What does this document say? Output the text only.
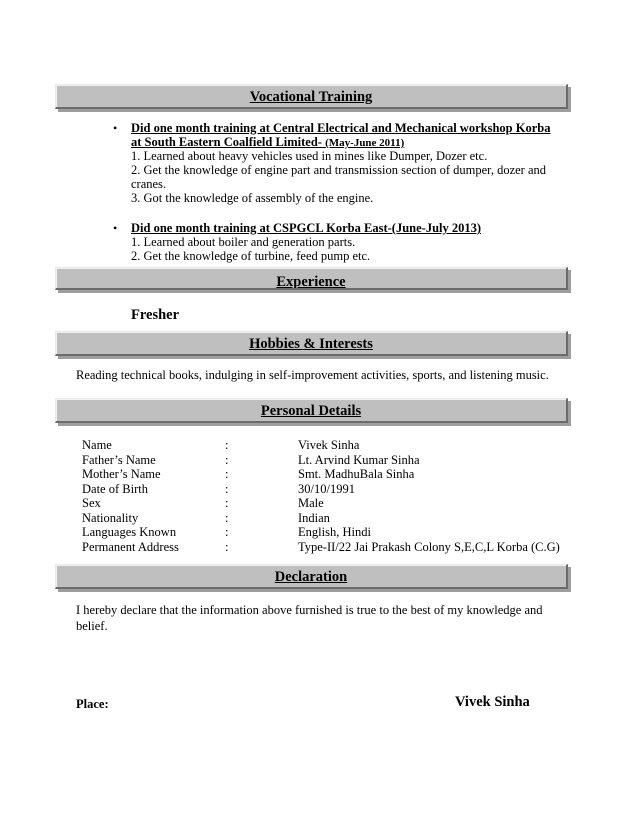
Vocational Training
• Did one month training at Central Electrical and Mechanical workshop Korba
at South Eastern Coalfield Limited- (May-June 2011)
1. Learned about heavy vehicles used in mines like Dumper, Dozer etc.
2. Get the knowledge of engine part and transmission section of dumper, dozer and
cranes.
3. Got the knowledge of assembly of the engine.
• Did one month training at CSPGCL Korba East-(June-July 2013)
1. Learned about boiler and generation parts.
2. Get the knowledge of turbine, feed pump etc.
Experience
Fresher
Hobbies & Interests
Reading technical books, indulging in self-improvement activities, sports, and listening music.
Personal Details
Name	:	Vivek Sinha
Father’s Name	:	Lt. Arvind Kumar Sinha
Mother’s Name	:	Smt. MadhuBala Sinha
Date of Birth	:	30/10/1991
Sex	:	Male
Nationality	:	Indian
Languages Known	:	English, Hindi
Permanent Address	:	Type-II/22 Jai Prakash Colony S,E,C,L Korba (C.G)
Declaration
I hereby declare that the information above furnished is true to the best of my knowledge and belief.
Place:	Vivek Sinha
